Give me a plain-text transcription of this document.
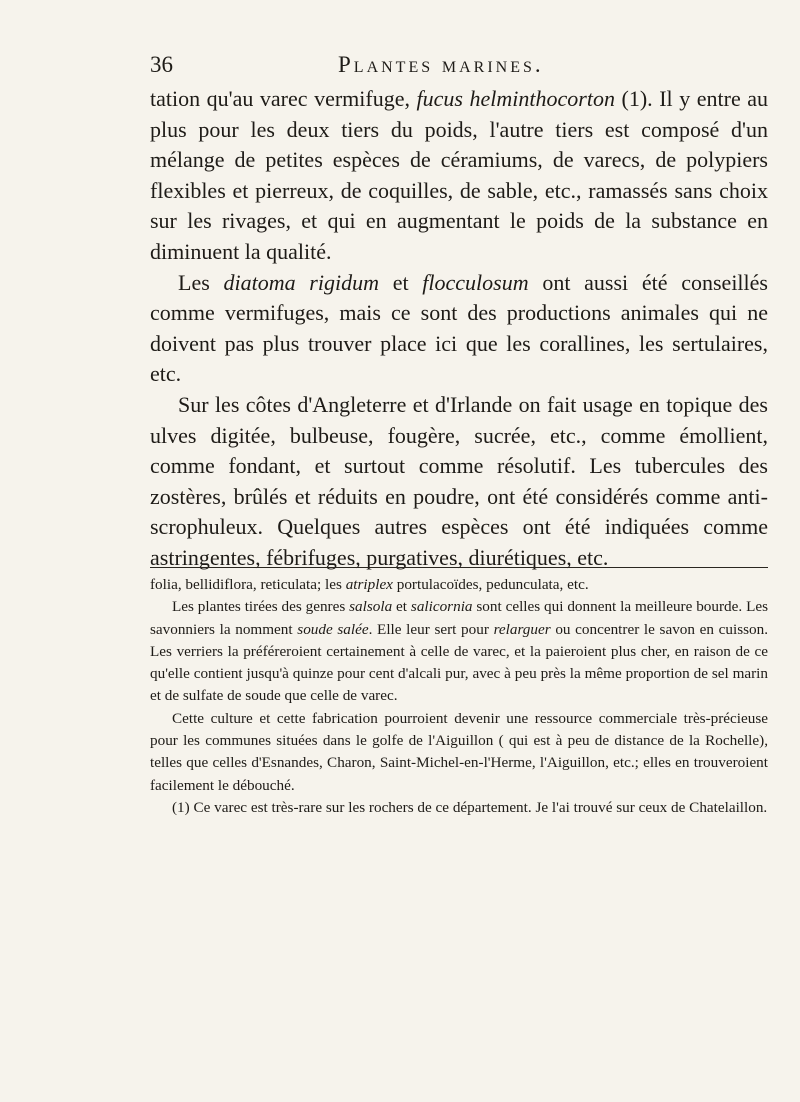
36	Plantes marines.

tation qu'au varec vermifuge, fucus helminthocorton (1). Il y entre au plus pour les deux tiers du poids, l'autre tiers est composé d'un mélange de petites espèces de céramiums, de varecs, de polypiers flexibles et pierreux, de coquilles, de sable, etc., ramassés sans choix sur les rivages, et qui en augmentant le poids de la substance en diminuent la qualité.

Les diatoma rigidum et flocculosum ont aussi été conseillés comme vermifuges, mais ce sont des productions animales qui ne doivent pas plus trouver place ici que les corallines, les sertulaires, etc.

Sur les côtes d'Angleterre et d'Irlande on fait usage en topique des ulves digitée, bulbeuse, fougère, sucrée, etc., comme émollient, comme fondant, et surtout comme résolutif. Les tubercules des zostères, brûlés et réduits en poudre, ont été considérés comme anti-scrophuleux. Quelques autres espèces ont été indiquées comme astringentes, fébrifuges, purgatives, diurétiques, etc.

folia, bellidiflora, reticulata; les atriplex portulacoïdes, pedunculata, etc.

Les plantes tirées des genres salsola et salicornia sont celles qui donnent la meilleure bourde. Les savonniers la nomment soude salée. Elle leur sert pour relarguer ou concentrer le savon en cuisson. Les verriers la préféreroient certainement à celle de varec, et la paieroient plus cher, en raison de ce qu'elle contient jusqu'à quinze pour cent d'alcali pur, avec à peu près la même proportion de sel marin et de sulfate de soude que celle de varec.

Cette culture et cette fabrication pourroient devenir une ressource commerciale très-précieuse pour les communes situées dans le golfe de l'Aiguillon ( qui est à peu de distance de la Rochelle), telles que celles d'Esnandes, Charon, Saint-Michel-en-l'Herme, l'Aiguillon, etc.; elles en trouveroient facilement le débouché.

(1) Ce varec est très-rare sur les rochers de ce département. Je l'ai trouvé sur ceux de Chatelaillon.
